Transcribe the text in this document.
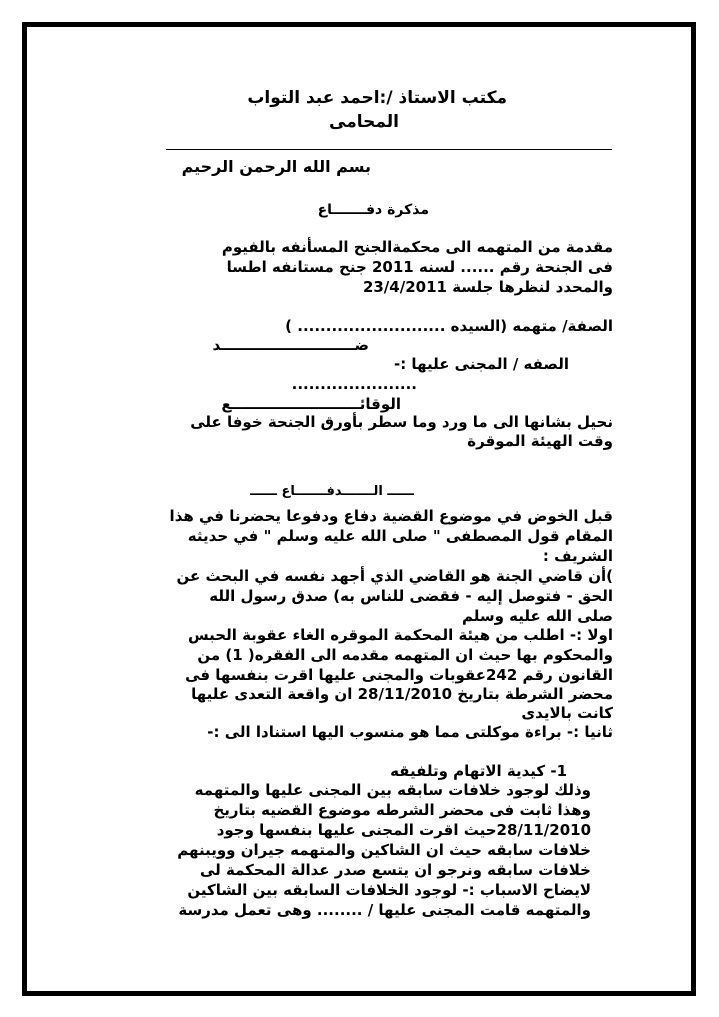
مكتب الاستاذ /:احمد عبد التواب
المحامى
بسم الله الرحمن الرحيم
مذكرة دفـــــــاع
مقدمة من المتهمه الى محكمةالجنح المسأنفه بالفيوم
فى الجنحة رقم ...... لسنه 2011 جنح مستانفه اطسا
والمحدد لنظرها جلسة 23/4/2011
الصفة/ متهمه (السيده .......................... )
ضــــــــــــــــــــــــــد
الصفه / المجنى عليها :-
......................
الوقائـــــــــــــــــــــــــع
نحيل بشانها الى ما ورد وما سطر بأورق الجنحة خوفا على
وقت الهيئة الموقرة
ــــــ الـــــــدفـــــــاع ــــــ
قبل الخوض في موضوع القضية دفاع ودفوعا يحضرنا في هذا
المقام قول المصطفى " صلى الله عليه وسلم " في حديثه
الشريف :
)أن قاضي الجنة هو القاضي الذي أجهد نفسه في البحث عن
الحق - فتوصل إليه - فقضى للناس به) صدق رسول الله
صلى الله عليه وسلم
اولا :- اطلب من هيئة المحكمة الموقره الغاء عقوبة الحبس
والمحكوم بها حيث ان المتهمه مقدمه الى الفقره( 1) من
القانون رقم 242عقوبات والمجنى عليها اقرت بنفسها فى
محضر الشرطة بتاريخ 28/11/2010 ان واقعة التعدى عليها
كانت بالايدى
ثانيا :- براءة موكلتى مما هو منسوب اليها استنادا الى :-
1- كيدية الاتهام وتلفيقه
وذلك لوجود خلافات سابقه بين المجنى عليها والمتهمه
وهذا ثابت فى محضر الشرطه موضوع القضيه بتاريخ
28/11/2010حيث اقرت المجنى عليها بنفسها وجود
خلافات سابقه حيث ان الشاكين والمتهمه جيران وويبنهم
خلافات سابقه ونرجو ان يتسع صدر عدالة المحكمة لى
لايضاح الاسباب :- لوجود الخلافات السابقه بين الشاكين
والمتهمه قامت المجنى عليها / ........ وهى تعمل مدرسة
